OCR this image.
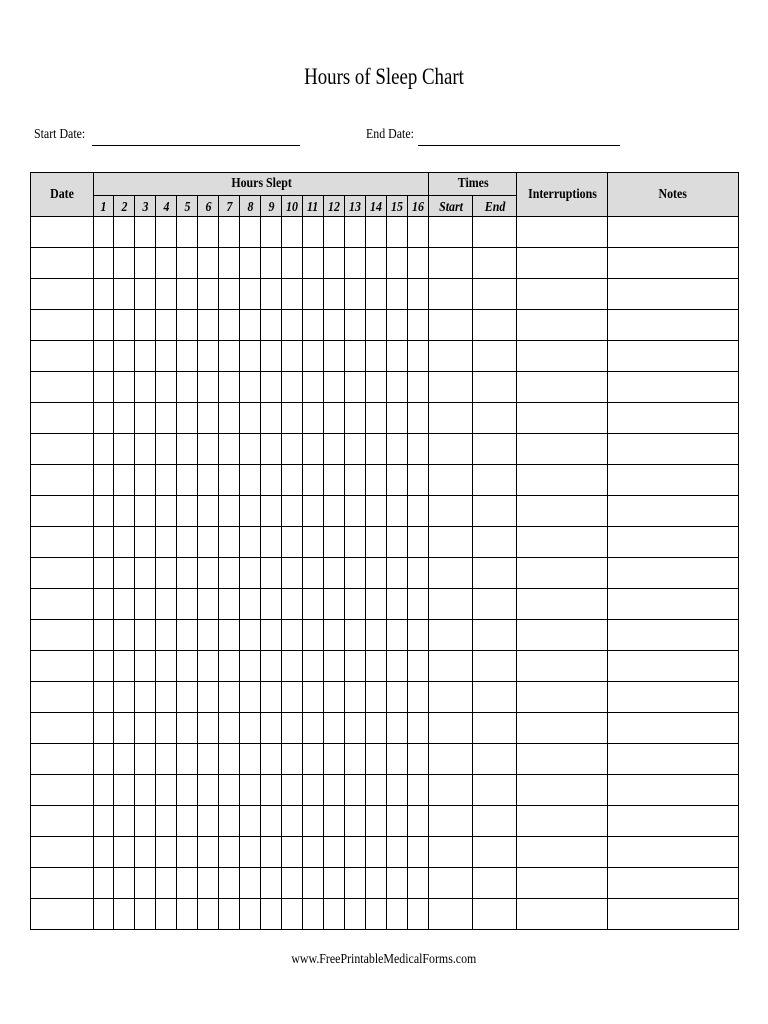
Hours of Sleep Chart
Start Date:	End Date:
Date	Hours Slept																Times		Interruptions	Notes
	1	2	3	4	5	6	7	8	9	10	11	12	13	14	15	16	Start	End		

www.FreePrintableMedicalForms.com
